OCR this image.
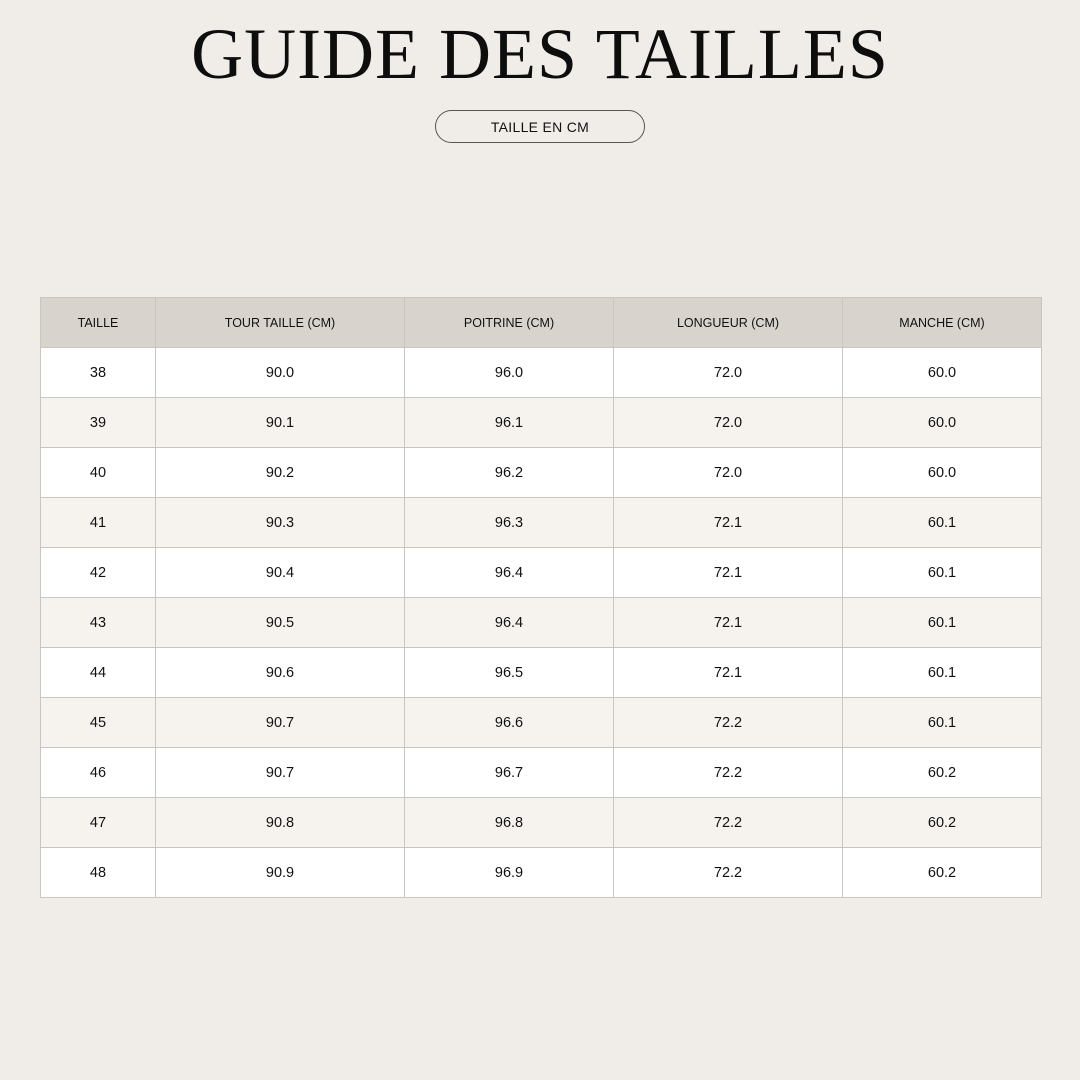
GUIDE DES TAILLES
TAILLE EN CM
TAILLE	TOUR TAILLE (CM)	POITRINE (CM)	LONGUEUR (CM)	MANCHE (CM)
38	90.0	96.0	72.0	60.0
39	90.1	96.1	72.0	60.0
40	90.2	96.2	72.0	60.0
41	90.3	96.3	72.1	60.1
42	90.4	96.4	72.1	60.1
43	90.5	96.4	72.1	60.1
44	90.6	96.5	72.1	60.1
45	90.7	96.6	72.2	60.1
46	90.7	96.7	72.2	60.2
47	90.8	96.8	72.2	60.2
48	90.9	96.9	72.2	60.2
